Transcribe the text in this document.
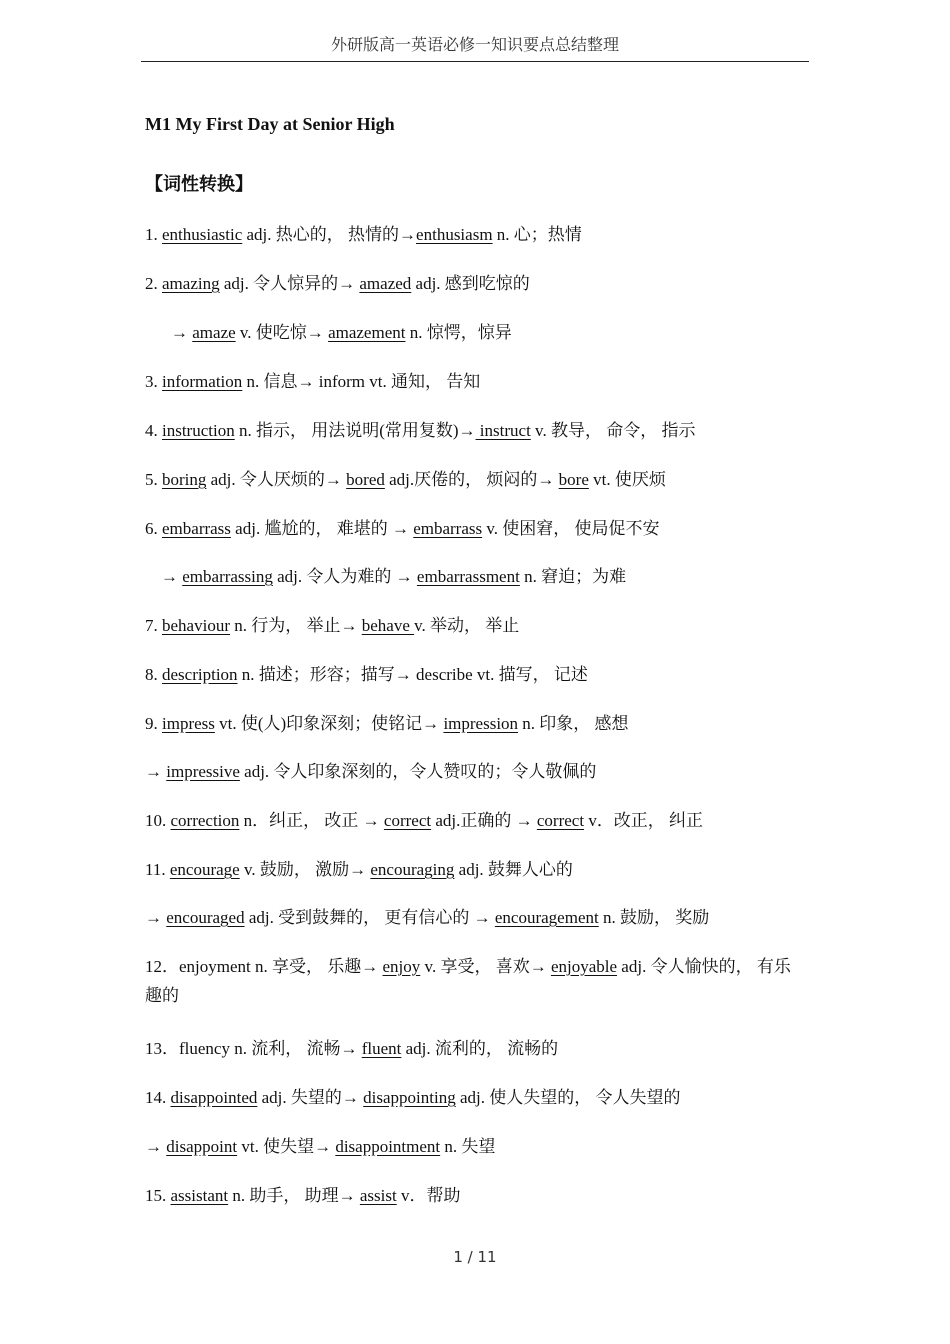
外研版高一英语必修一知识要点总结整理
M1 My First Day at Senior High
【词性转换】
1. enthusiastic adj. 热心的， 热情的→enthusiasm n. 心；热情
2. amazing adj. 令人惊异的→ amazed adj. 感到吃惊的
→ amaze v. 使吃惊→ amazement n. 惊愕，惊异
3. information n. 信息→ inform vt. 通知， 告知
4. instruction n. 指示， 用法说明(常用复数)→ instruct v. 教导， 命令， 指示
5. boring adj. 令人厌烦的→ bored adj.厌倦的， 烦闷的→ bore vt. 使厌烦
6. embarrass adj. 尴尬的， 难堪的 → embarrass v. 使困窘， 使局促不安
→ embarrassing adj. 令人为难的 → embarrassment n. 窘迫；为难
7. behaviour n. 行为， 举止→ behave v. 举动， 举止
8. description n. 描述；形容；描写→ describe vt. 描写， 记述
9. impress vt. 使(人)印象深刻；使铭记→ impression n. 印象， 感想
→ impressive adj. 令人印象深刻的，令人赞叹的；令人敬佩的
10. correction n．纠正， 改正 → correct adj.正确的 → correct v．改正， 纠正
11. encourage v. 鼓励， 激励→ encouraging adj. 鼓舞人心的
→ encouraged adj. 受到鼓舞的， 更有信心的 → encouragement n. 鼓励， 奖励
12．enjoyment n. 享受， 乐趣→ enjoy v. 享受， 喜欢→ enjoyable adj. 令人愉快的， 有乐趣的
13．fluency n. 流利， 流畅→ fluent adj. 流利的， 流畅的
14. disappointed adj. 失望的→ disappointing adj. 使人失望的， 令人失望的
→ disappoint vt. 使失望→ disappointment n. 失望
15. assistant n. 助手， 助理→ assist v．帮助
1 / 11
